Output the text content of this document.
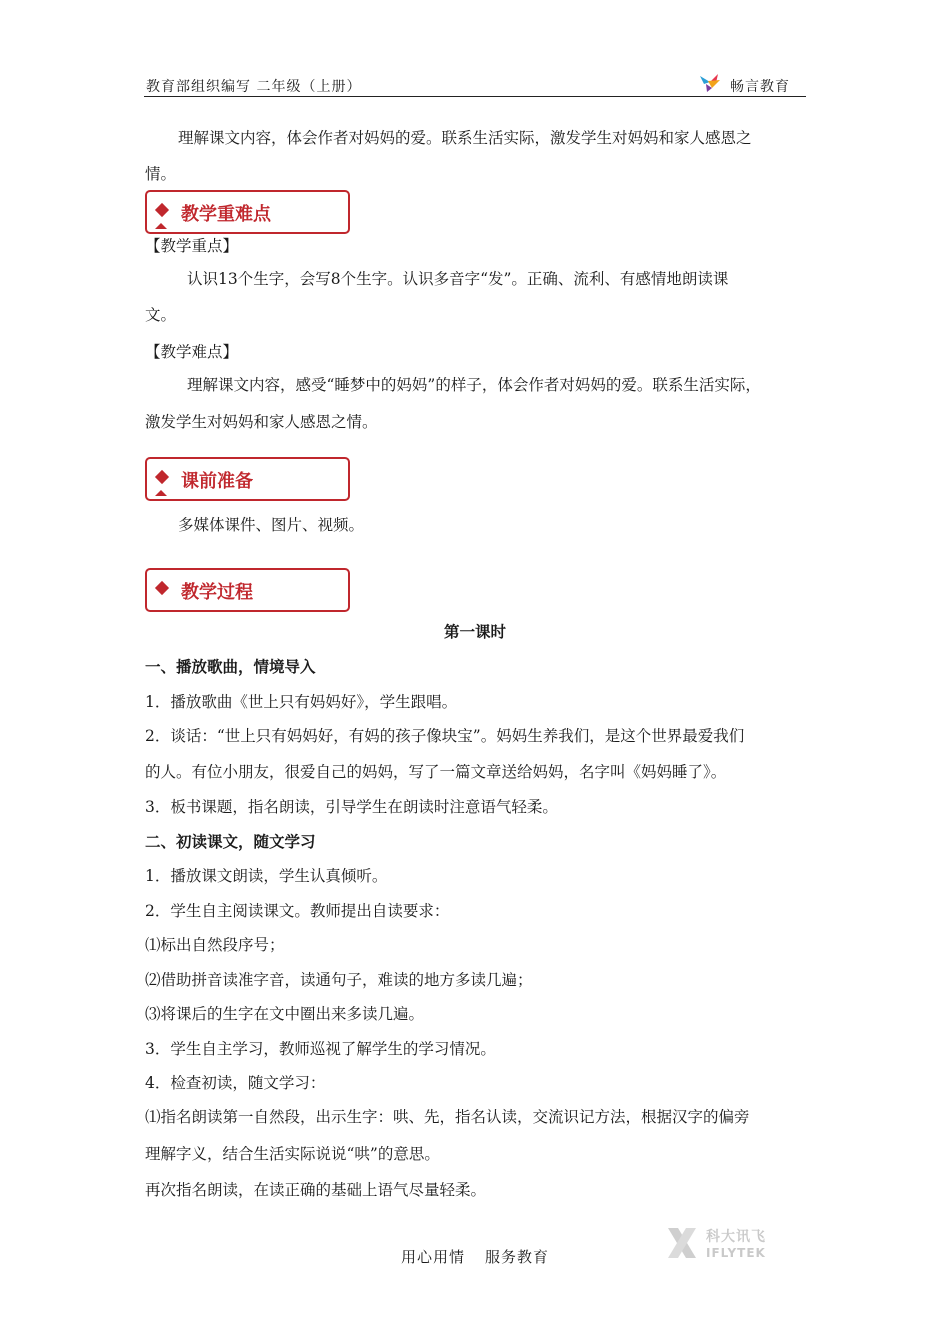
教育部组织编写 二年级（上册）	畅言教育
理解课文内容，体会作者对妈妈的爱。联系生活实际，激发学生对妈妈和家人感恩之

情。
教学重难点
【教学重点】
认识13个生字，会写8个生字。认识多音字“发”。正确、流利、有感情地朗读课
文。
【教学难点】
理解课文内容，感受“睡梦中的妈妈”的样子，体会作者对妈妈的爱。联系生活实际，
激发学生对妈妈和家人感恩之情。
课前准备
多媒体课件、图片、视频。
教学过程
第一课时
一、播放歌曲，情境导入
1．播放歌曲《世上只有妈妈好》，学生跟唱。
2．谈话：“世上只有妈妈好，有妈的孩子像块宝”。妈妈生养我们，是这个世界最爱我们
的人。有位小朋友，很爱自己的妈妈，写了一篇文章送给妈妈，名字叫《妈妈睡了》。
3．板书课题，指名朗读，引导学生在朗读时注意语气轻柔。
二、初读课文，随文学习
1．播放课文朗读，学生认真倾听。
2．学生自主阅读课文。教师提出自读要求：
⑴标出自然段序号；
⑵借助拼音读准字音，读通句子，难读的地方多读几遍；
⑶将课后的生字在文中圈出来多读几遍。
3．学生自主学习，教师巡视了解学生的学习情况。
4．检查初读，随文学习：
⑴指名朗读第一自然段，出示生字：哄、先，指名认读，交流识记方法，根据汉字的偏旁
理解字义，结合生活实际说说“哄”的意思。
再次指名朗读，在读正确的基础上语气尽量轻柔。
用心用情 服务教育
科大讯飞
IFLYTEK
